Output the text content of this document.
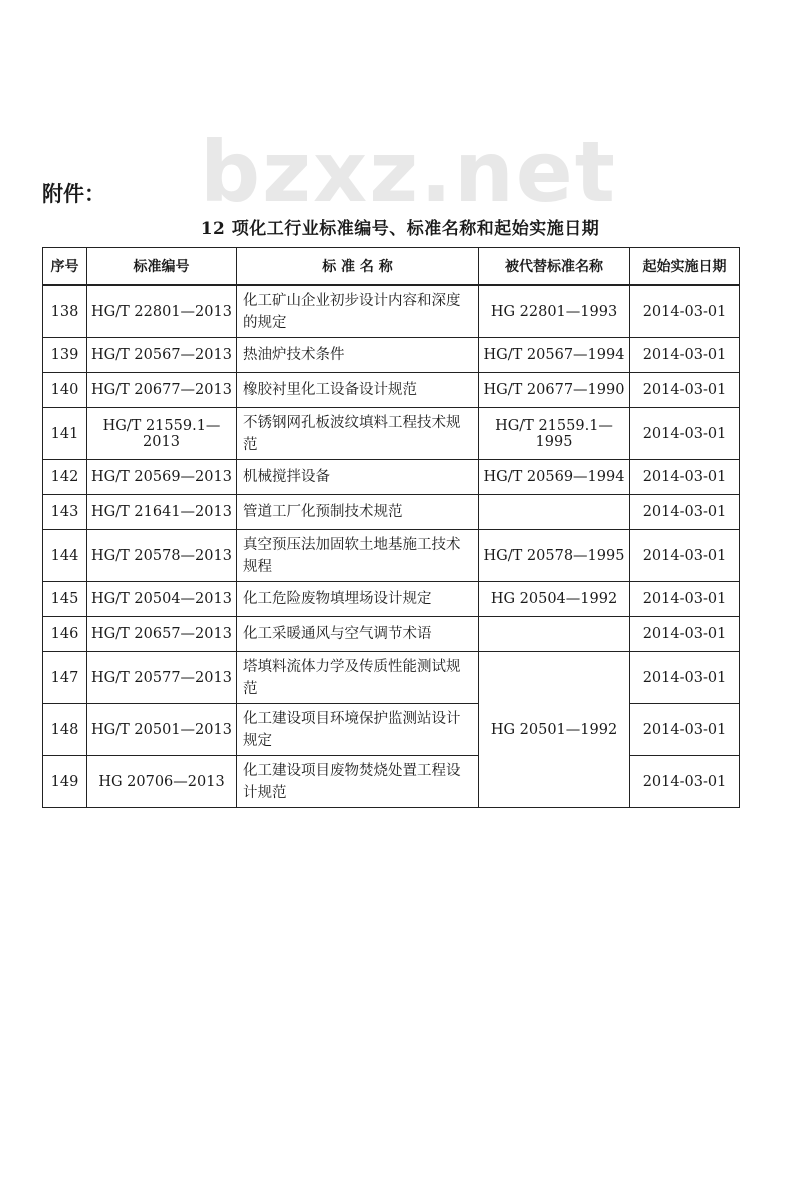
bzxz.net
附件：
12 项化工行业标准编号、标准名称和起始实施日期
序号	标准编号	标 准 名 称	被代替标准名称	起始实施日期
138	HG/T 22801—2013	化工矿山企业初步设计内容和深度的规定	HG 22801—1993	2014-03-01
139	HG/T 20567—2013	热油炉技术条件	HG/T 20567—1994	2014-03-01
140	HG/T 20677—2013	橡胶衬里化工设备设计规范	HG/T 20677—1990	2014-03-01
141	HG/T 21559.1—2013	不锈钢网孔板波纹填料工程技术规范	HG/T 21559.1—1995	2014-03-01
142	HG/T 20569—2013	机械搅拌设备	HG/T 20569—1994	2014-03-01
143	HG/T 21641—2013	管道工厂化预制技术规范		2014-03-01
144	HG/T 20578—2013	真空预压法加固软土地基施工技术规程	HG/T 20578—1995	2014-03-01
145	HG/T 20504—2013	化工危险废物填埋场设计规定	HG 20504—1992	2014-03-01
146	HG/T 20657—2013	化工采暖通风与空气调节术语		2014-03-01
147	HG/T 20577—2013	塔填料流体力学及传质性能测试规范	HG 20501—1992	2014-03-01
148	HG/T 20501—2013	化工建设项目环境保护监测站设计规定		2014-03-01
149	HG 20706—2013	化工建设项目废物焚烧处置工程设计规范		2014-03-01
